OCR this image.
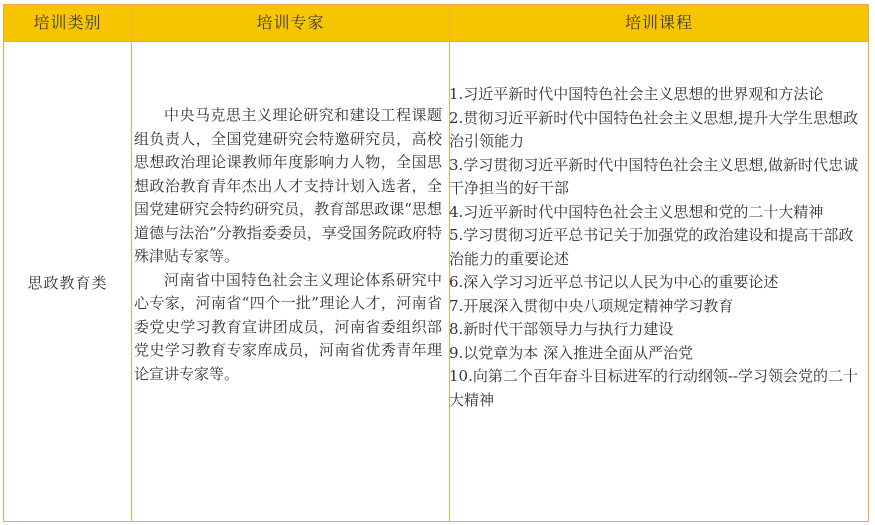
培训类别	培训专家	培训课程
思政教育类

中央马克思主义理论研究和建设工程课题组负责人，全国党建研究会特邀研究员，高校思想政治理论课教师年度影响力人物，全国思想政治教育青年杰出人才支持计划入选者，全国党建研究会特约研究员，教育部思政课“思想道德与法治”分教指委委员，享受国务院政府特殊津贴专家等。

河南省中国特色社会主义理论体系研究中心专家，河南省“四个一批”理论人才，河南省委党史学习教育宣讲团成员，河南省委组织部党史学习教育专家库成员，河南省优秀青年理论宣讲专家等。

1.习近平新时代中国特色社会主义思想的世界观和方法论
2.贯彻习近平新时代中国特色社会主义思想,提升大学生思想政治引领能力
3.学习贯彻习近平新时代中国特色社会主义思想,做新时代忠诚干净担当的好干部
4.习近平新时代中国特色社会主义思想和党的二十大精神
5.学习贯彻习近平总书记关于加强党的政治建设和提高干部政治能力的重要论述
6.深入学习习近平总书记以人民为中心的重要论述
7.开展深入贯彻中央八项规定精神学习教育
8.新时代干部领导力与执行力建设
9.以党章为本 深入推进全面从严治党
10.向第二个百年奋斗目标进军的行动纲领--学习领会党的二十大精神
